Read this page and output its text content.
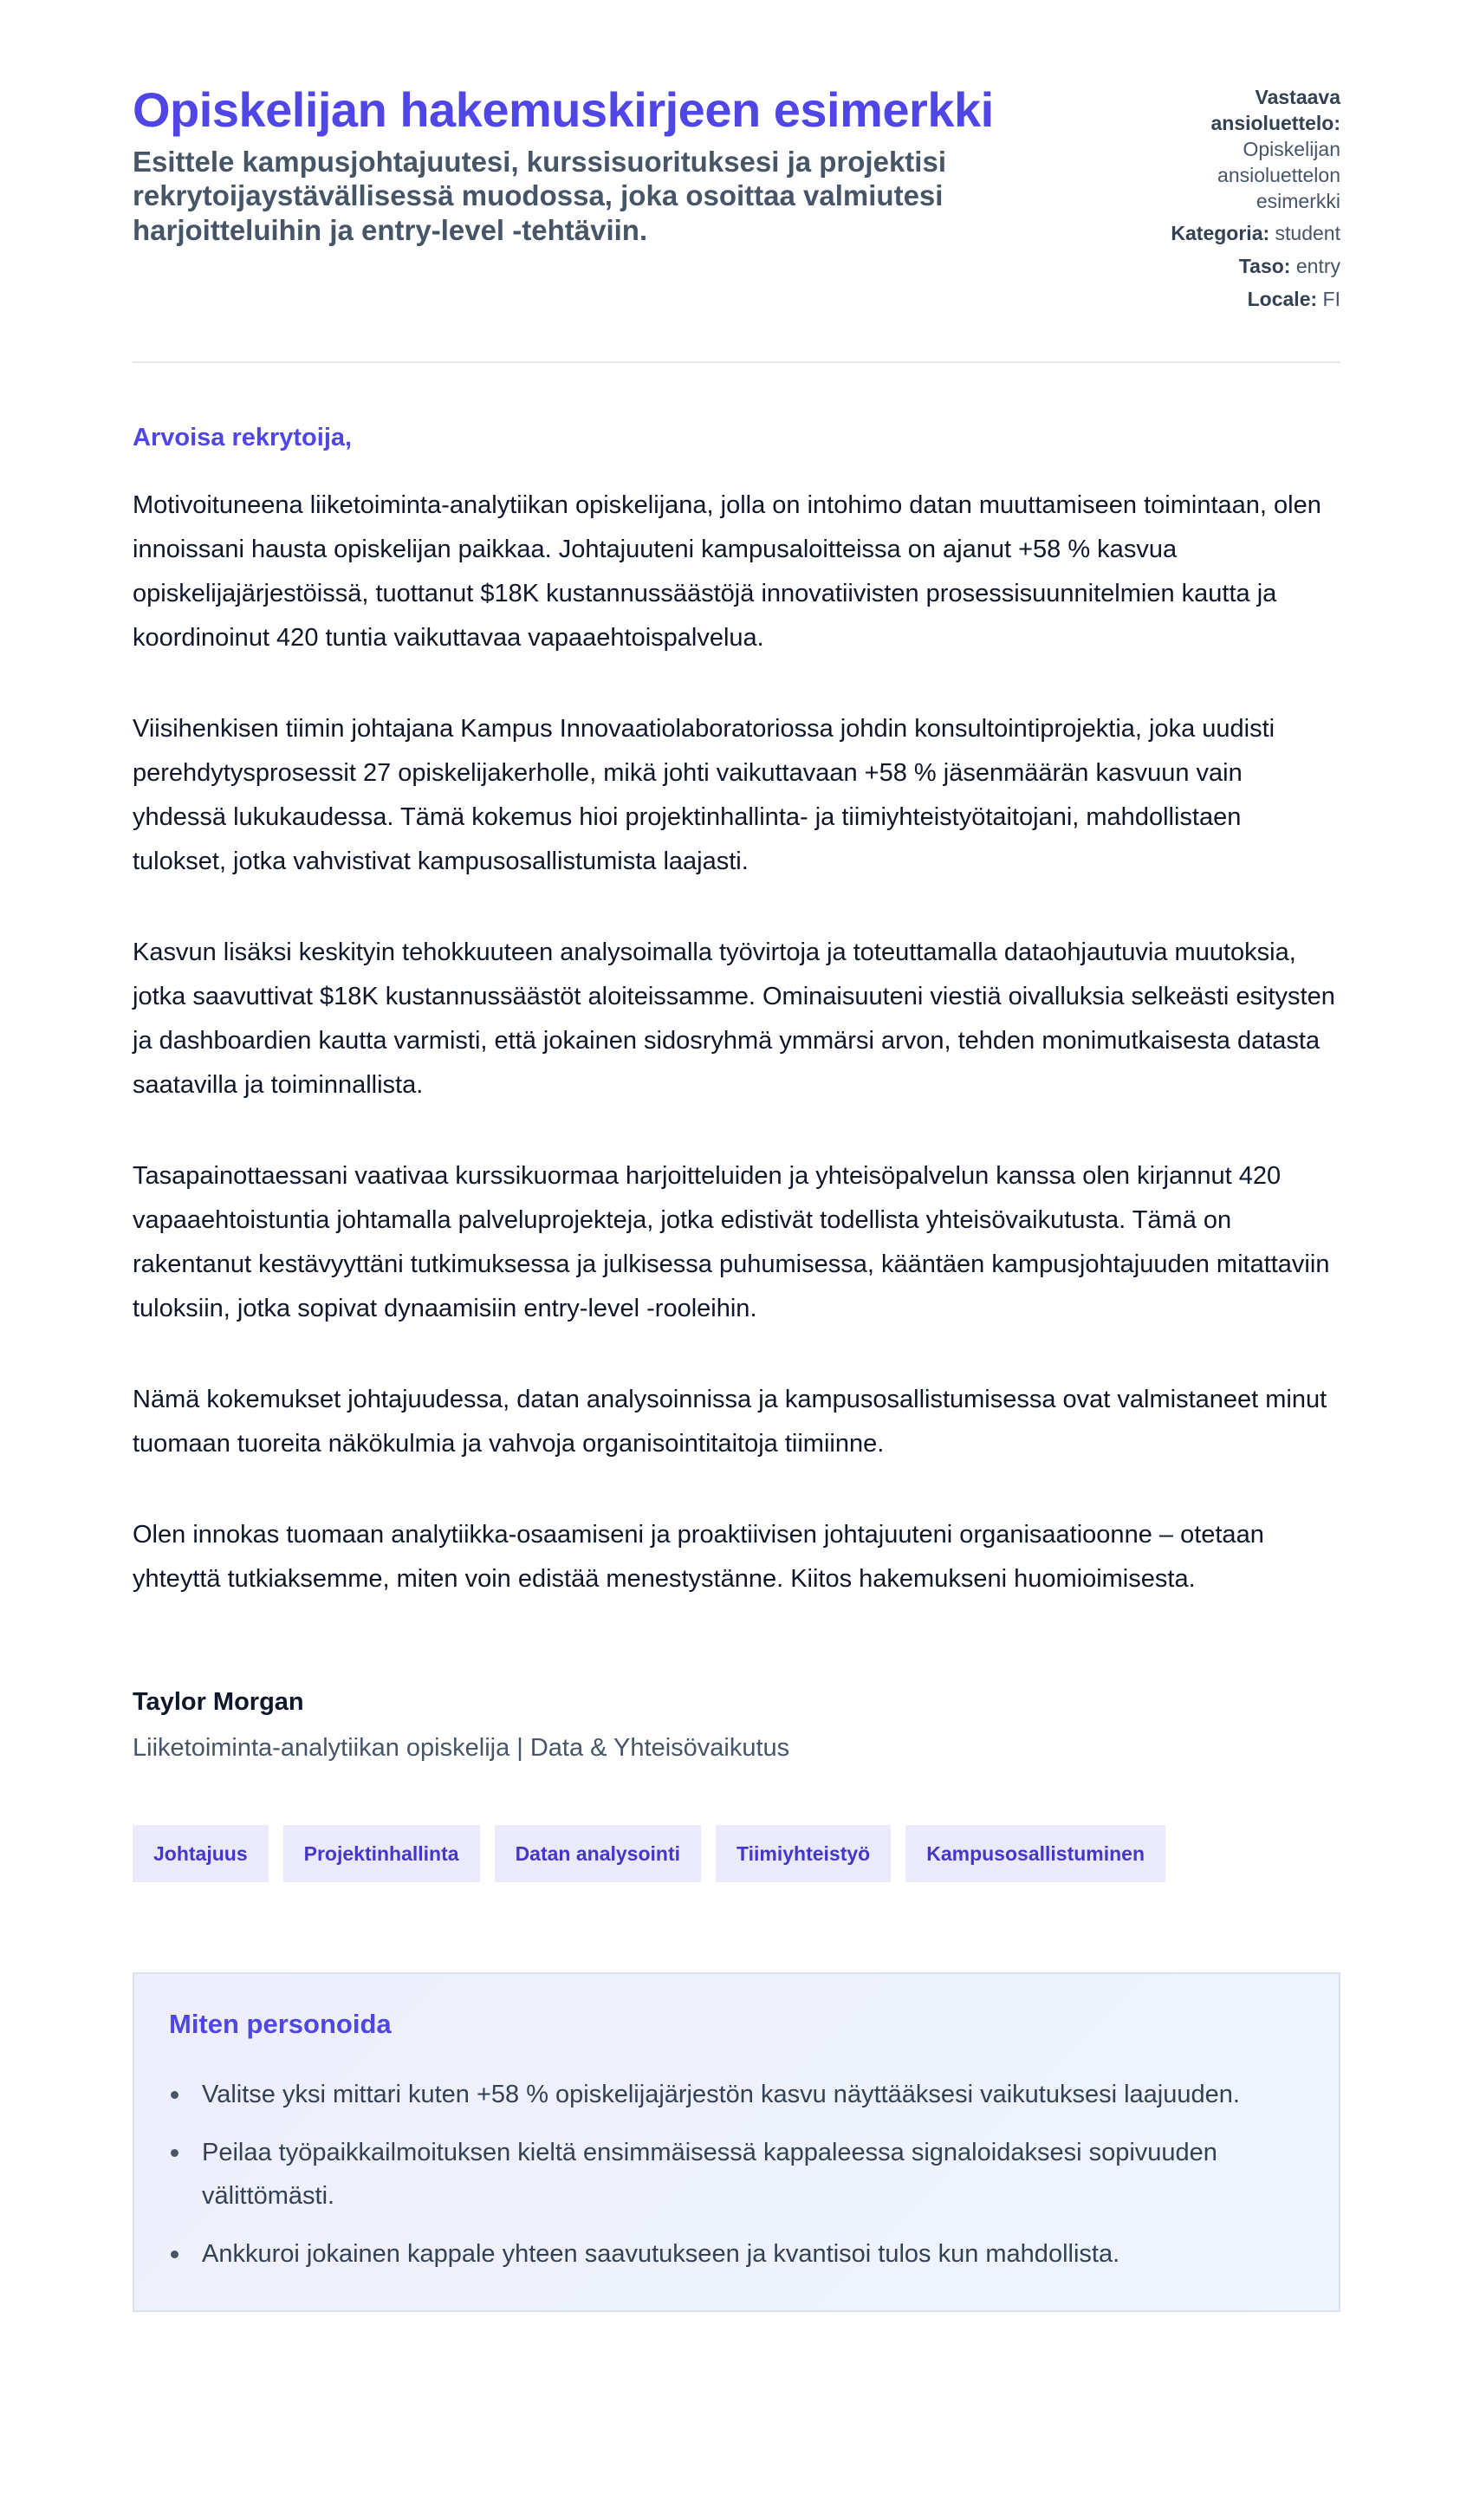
Opiskelijan hakemuskirjeen esimerkki

Esittele kampusjohtajuutesi, kurssisuorituksesi ja projektisi rekrytoijaystävällisessä muodossa, joka osoittaa valmiutesi harjoitteluihin ja entry-level -tehtäviin.

Vastaava ansioluettelo:
Opiskelijan ansioluettelon esimerkki
Kategoria: student
Taso: entry
Locale: FI

Arvoisa rekrytoija,

Motivoituneena liiketoiminta-analytiikan opiskelijana, jolla on intohimo datan muuttamiseen toimintaan, olen innoissani hausta opiskelijan paikkaa. Johtajuuteni kampusaloitteissa on ajanut +58 % kasvua opiskelijajärjestöissä, tuottanut $18K kustannussäästöjä innovatiivisten prosessisuunnitelmien kautta ja koordinoinut 420 tuntia vaikuttavaa vapaaehtoispalvelua.

Viisihenkisen tiimin johtajana Kampus Innovaatiolaboratoriossa johdin konsultointiprojektia, joka uudisti perehdytysprosessit 27 opiskelijakerholle, mikä johti vaikuttavaan +58 % jäsenmäärän kasvuun vain yhdessä lukukaudessa. Tämä kokemus hioi projektinhallinta- ja tiimiyhteistyötaitojani, mahdollistaen tulokset, jotka vahvistivat kampusosallistumista laajasti.

Kasvun lisäksi keskityin tehokkuuteen analysoimalla työvirtoja ja toteuttamalla dataohjautuvia muutoksia, jotka saavuttivat $18K kustannussäästöt aloiteissamme. Ominaisuuteni viestiä oivalluksia selkeästi esitysten ja dashboardien kautta varmisti, että jokainen sidosryhmä ymmärsi arvon, tehden monimutkaisesta datasta saatavilla ja toiminnallista.

Tasapainottaessani vaativaa kurssikuormaa harjoitteluiden ja yhteisöpalvelun kanssa olen kirjannut 420 vapaaehtoistuntia johtamalla palveluprojekteja, jotka edistivät todellista yhteisövaikutusta. Tämä on rakentanut kestävyyttäni tutkimuksessa ja julkisessa puhumisessa, kääntäen kampusjohtajuuden mitattaviin tuloksiin, jotka sopivat dynaamisiin entry-level -rooleihin.

Nämä kokemukset johtajuudessa, datan analysoinnissa ja kampusosallistumisessa ovat valmistaneet minut tuomaan tuoreita näkökulmia ja vahvoja organisointitaitoja tiimiinne.

Olen innokas tuomaan analytiikka-osaamiseni ja proaktiivisen johtajuuteni organisaatioonne – otetaan yhteyttä tutkiaksemme, miten voin edistää menestystänne. Kiitos hakemukseni huomioimisesta.

Taylor Morgan

Liiketoiminta-analytiikan opiskelija | Data & Yhteisövaikutus

Johtajuus	Projektinhallinta	Datan analysointi	Tiimiyhteistyö	Kampusosallistuminen
Miten personoida
Valitse yksi mittari kuten +58 % opiskelijajärjestön kasvu näyttääksesi vaikutuksesi laajuuden.
Peilaa työpaikkailmoituksen kieltä ensimmäisessä kappaleessa signaloidaksesi sopivuuden välittömästi.
Ankkuroi jokainen kappale yhteen saavutukseen ja kvantisoi tulos kun mahdollista.
